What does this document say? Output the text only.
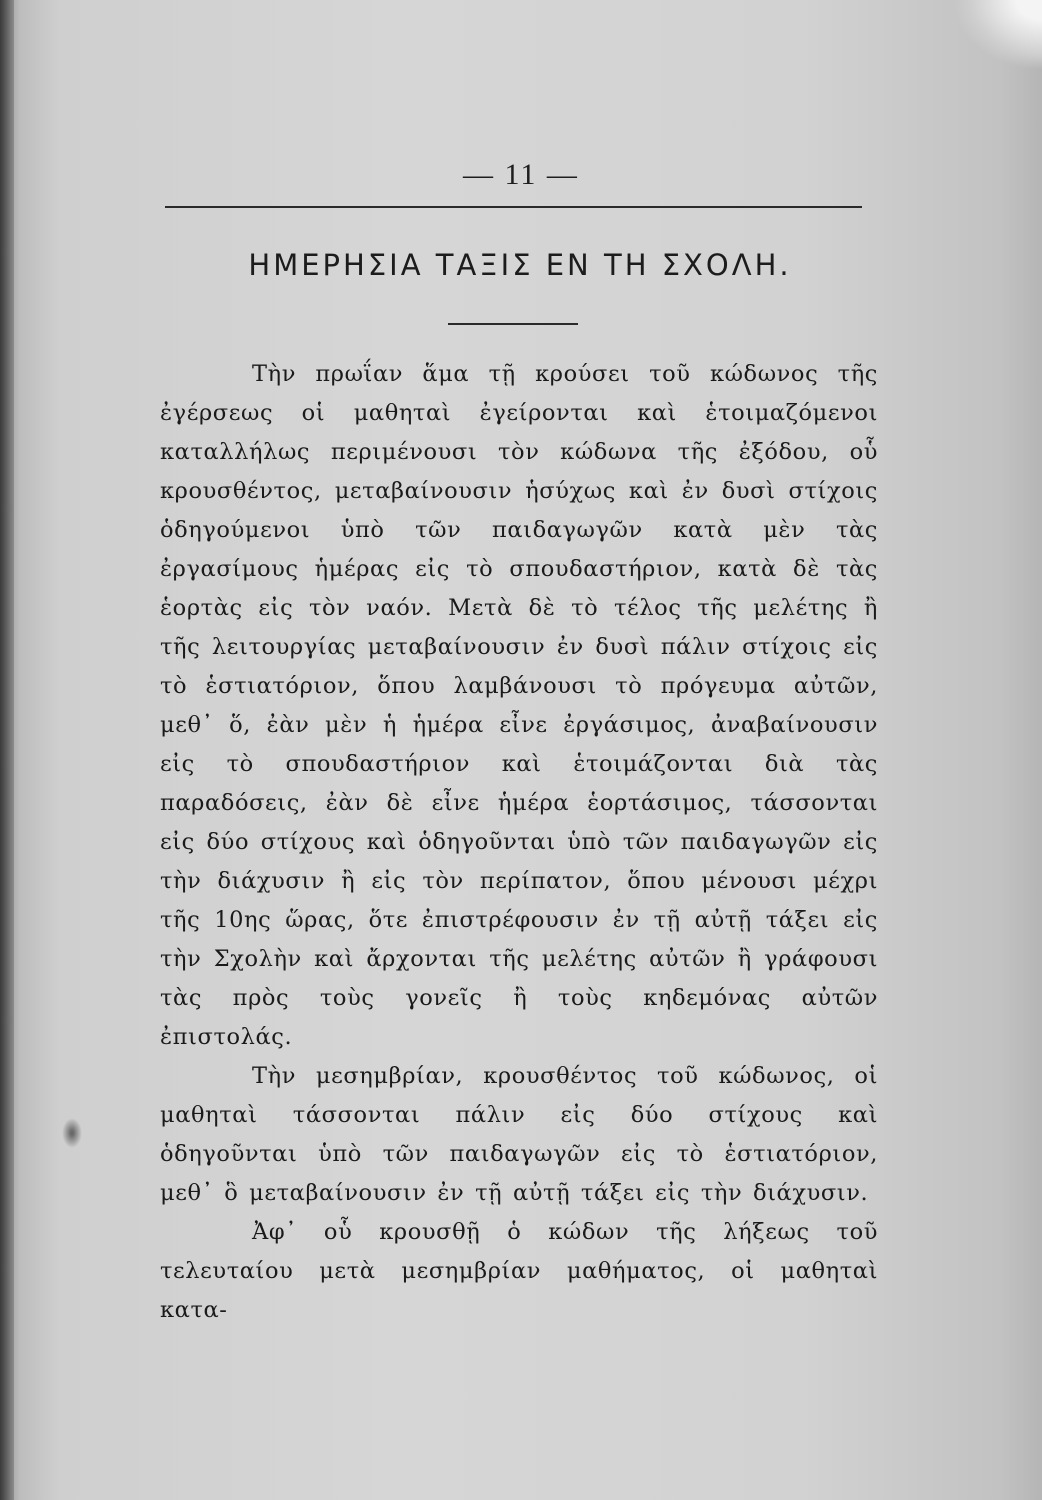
— 11 —
ΗΜΕΡΗΣΙΑ ΤΑΞΙΣ ΕΝ ΤΗ ΣΧΟΛΗ.

Τὴν πρωΐαν ἅμα τῇ κρούσει τοῦ κώδωνος τῆς ἐγέρσεως οἱ μαθηταὶ ἐγείρονται καὶ ἑτοιμαζόμενοι καταλλήλως περιμένουσι τὸν κώδωνα τῆς ἐξόδου, οὗ κρουσθέντος, μεταβαίνουσιν ἡσύχως καὶ ἐν δυσὶ στίχοις ὁδηγούμενοι ὑπὸ τῶν παιδαγωγῶν κατὰ μὲν τὰς ἐργασίμους ἡμέρας εἰς τὸ σπουδαστήριον, κατὰ δὲ τὰς ἑορτὰς εἰς τὸν ναόν. Μετὰ δὲ τὸ τέλος τῆς μελέτης ἢ τῆς λειτουργίας μεταβαίνουσιν ἐν δυσὶ πάλιν στίχοις εἰς τὸ ἑστιατόριον, ὅπου λαμβάνουσι τὸ πρόγευμα αὐτῶν, μεθ᾽ ὅ, ἐὰν μὲν ἡ ἡμέρα εἶνε ἐργάσιμος, ἀναβαίνουσιν εἰς τὸ σπουδαστήριον καὶ ἑτοιμάζονται διὰ τὰς παραδόσεις, ἐὰν δὲ εἶνε ἡμέρα ἑορτάσιμος, τάσσονται εἰς δύο στίχους καὶ ὁδηγοῦνται ὑπὸ τῶν παιδαγωγῶν εἰς τὴν διάχυσιν ἢ εἰς τὸν περίπατον, ὅπου μένουσι μέχρι τῆς 10ης ὥρας, ὅτε ἐπιστρέφουσιν ἐν τῇ αὐτῇ τάξει εἰς τὴν Σχολὴν καὶ ἄρχονται τῆς μελέτης αὐτῶν ἢ γράφουσι τὰς πρὸς τοὺς γονεῖς ἢ τοὺς κηδεμόνας αὐτῶν ἐπιστολάς.

Τὴν μεσημβρίαν, κρουσθέντος τοῦ κώδωνος, οἱ μαθηταὶ τάσσονται πάλιν εἰς δύο στίχους καὶ ὁδηγοῦνται ὑπὸ τῶν παιδαγωγῶν εἰς τὸ ἑστιατόριον, μεθ᾽ ὃ μεταβαίνουσιν ἐν τῇ αὐτῇ τάξει εἰς τὴν διάχυσιν.

Ἀφ᾽ οὗ κρουσθῇ ὁ κώδων τῆς λήξεως τοῦ τελευταίου μετὰ μεσημβρίαν μαθήματος, οἱ μαθηταὶ κατα-
